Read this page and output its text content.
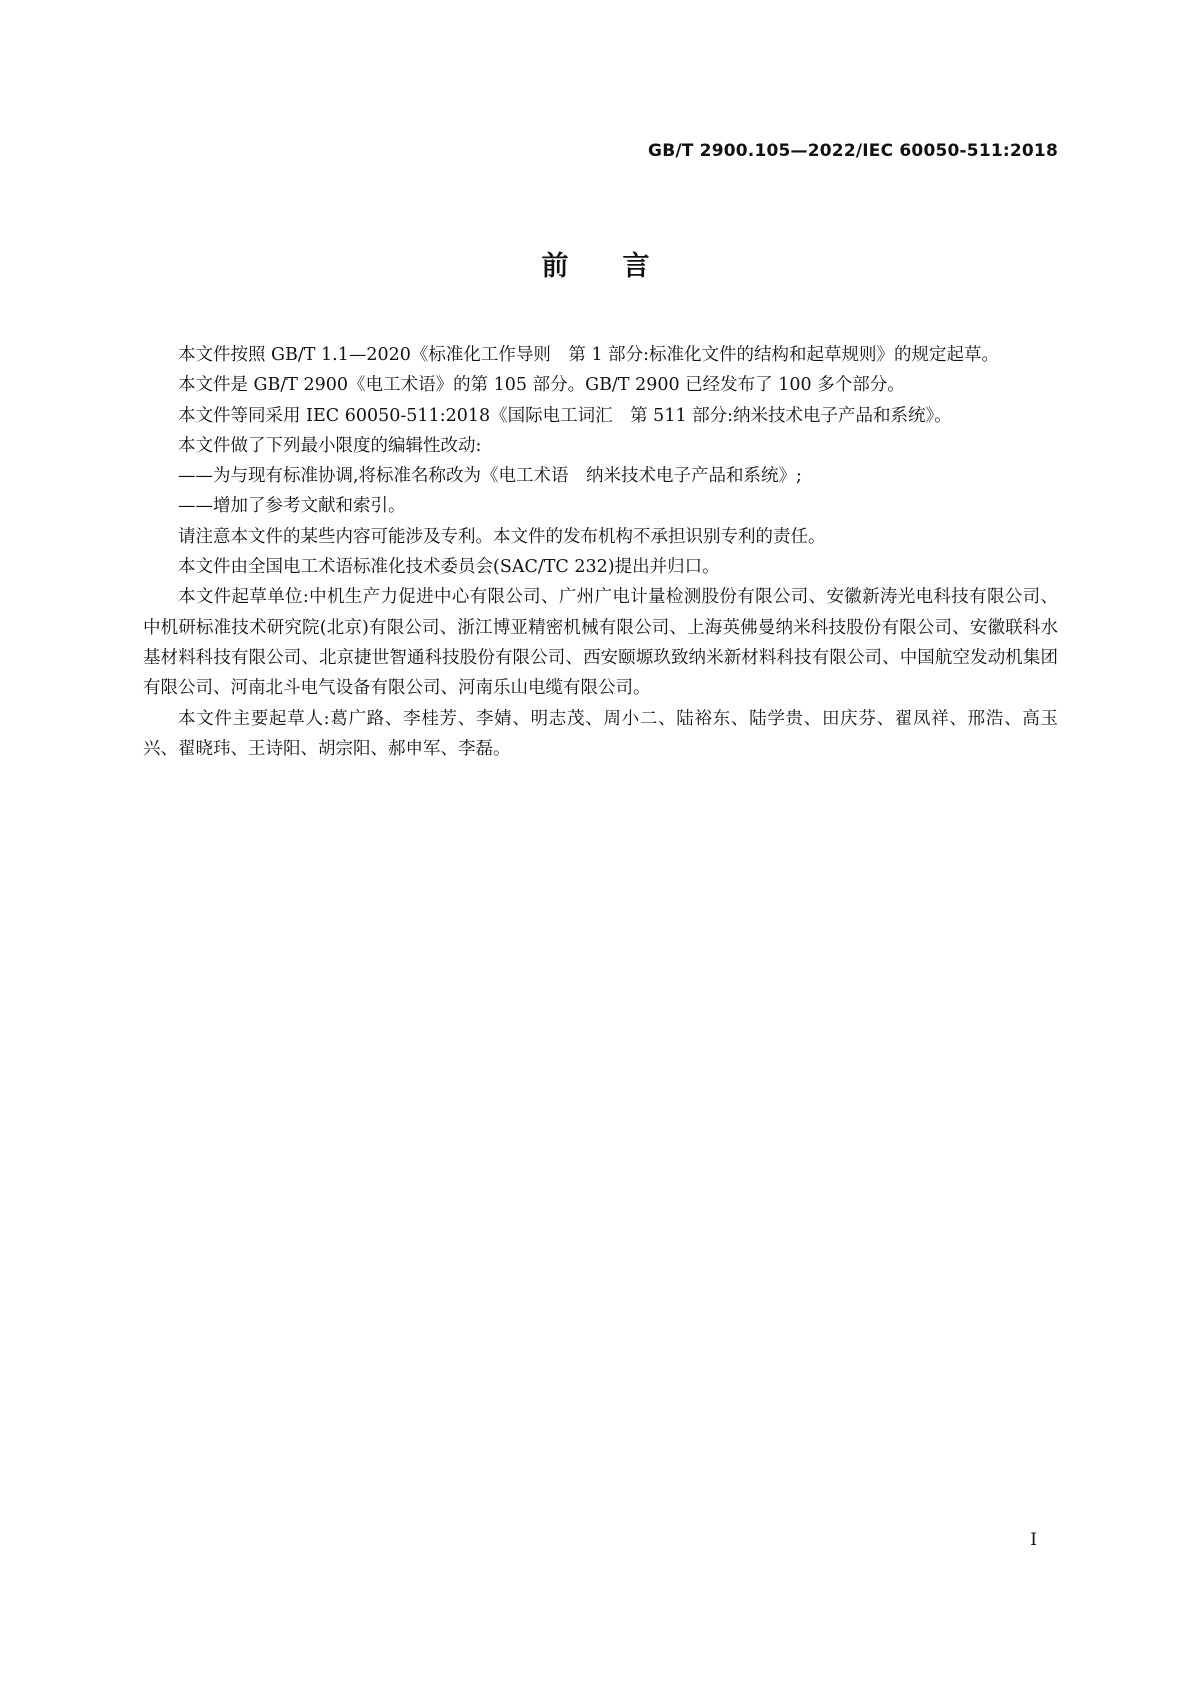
GB/T 2900.105—2022/IEC 60050-511:2018
前言

本文件按照 GB/T 1.1—2020《标准化工作导则　第 1 部分:标准化文件的结构和起草规则》的规定起草。

本文件是 GB/T 2900《电工术语》的第 105 部分。GB/T 2900 已经发布了 100 多个部分。

本文件等同采用 IEC 60050-511:2018《国际电工词汇　第 511 部分:纳米技术电子产品和系统》。

本文件做了下列最小限度的编辑性改动:

——为与现有标准协调,将标准名称改为《电工术语　纳米技术电子产品和系统》;

——增加了参考文献和索引。

请注意本文件的某些内容可能涉及专利。本文件的发布机构不承担识别专利的责任。

本文件由全国电工术语标准化技术委员会(SAC/TC 232)提出并归口。

本文件起草单位:中机生产力促进中心有限公司、广州广电计量检测股份有限公司、安徽新涛光电科技有限公司、中机研标准技术研究院(北京)有限公司、浙江博亚精密机械有限公司、上海英佛曼纳米科技股份有限公司、安徽联科水基材料科技有限公司、北京捷世智通科技股份有限公司、西安颐塬玖致纳米新材料科技有限公司、中国航空发动机集团有限公司、河南北斗电气设备有限公司、河南乐山电缆有限公司。

本文件主要起草人:葛广路、李桂芳、李婧、明志茂、周小二、陆裕东、陆学贵、田庆芬、翟凤祥、邢浩、高玉兴、翟晓玮、王诗阳、胡宗阳、郝申军、李磊。

I
